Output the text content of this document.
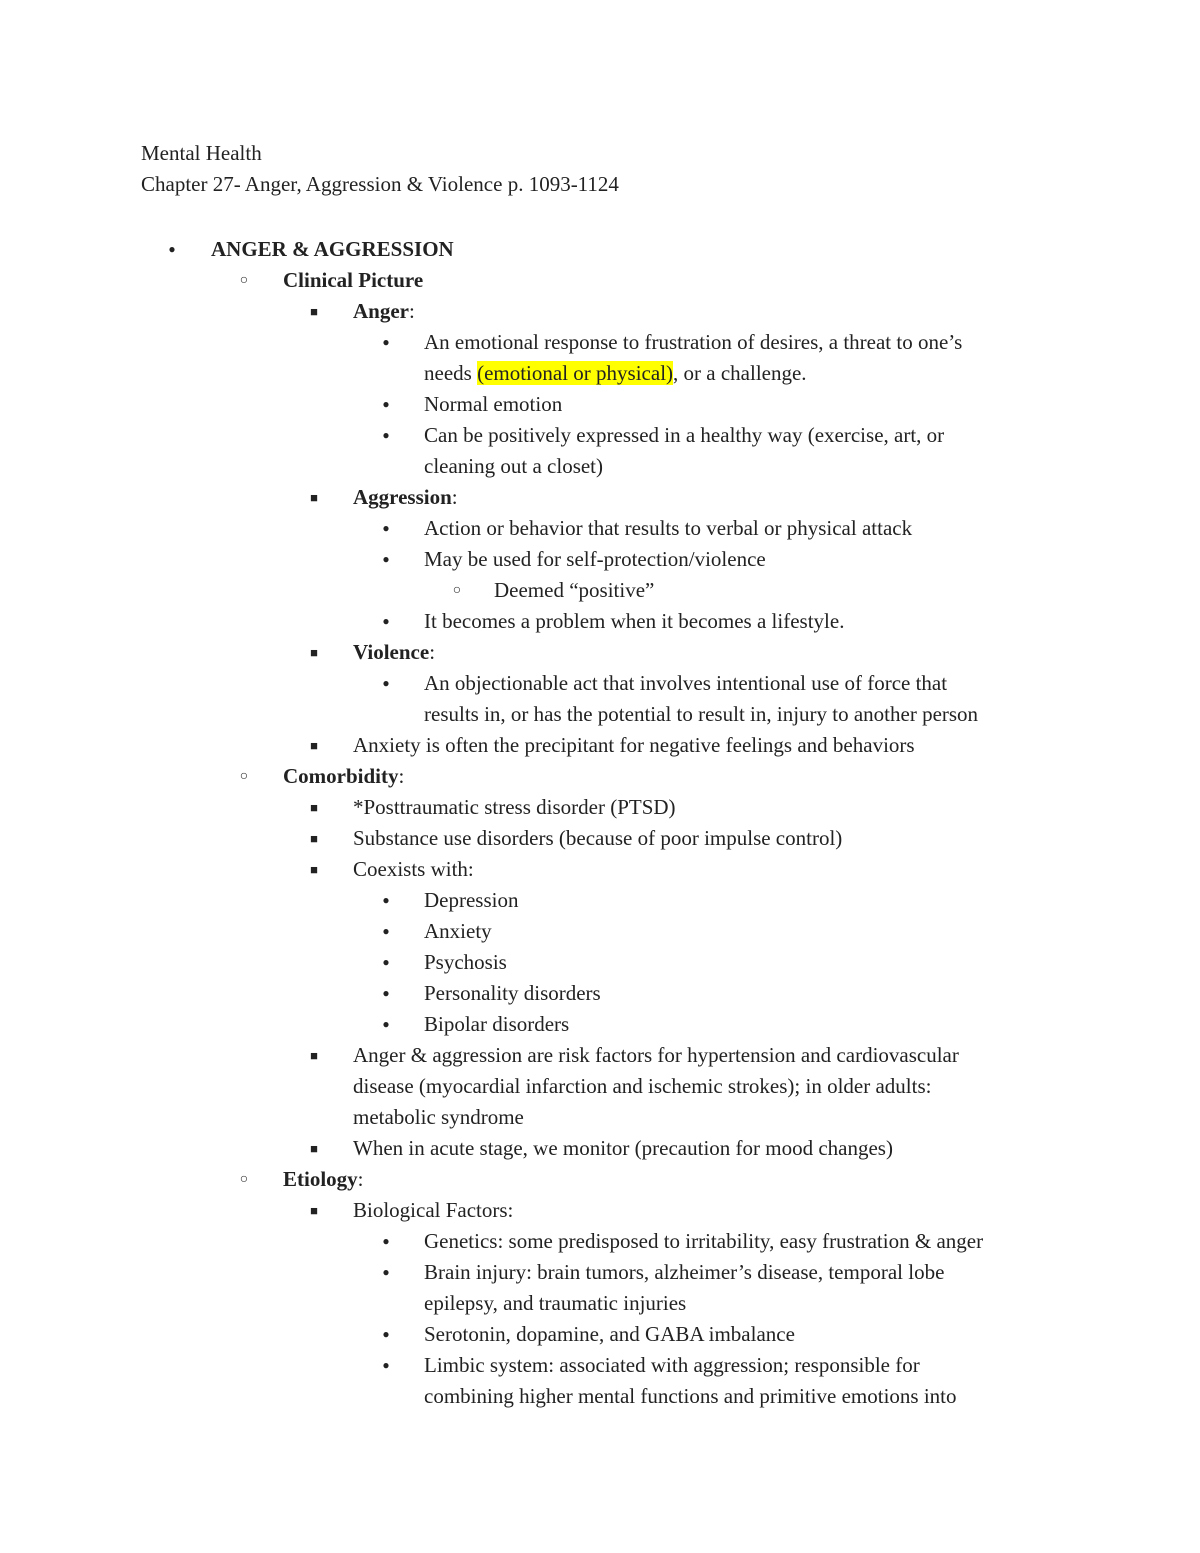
Mental Health
Chapter 27- Anger, Aggression & Violence p. 1093-1124
●
ANGER & AGGRESSION
○
Clinical Picture
■
Anger:
●
An emotional response to frustration of desires, a threat to one’s
needs (emotional or physical), or a challenge.
●
Normal emotion
●
Can be positively expressed in a healthy way (exercise, art, or
cleaning out a closet)
■
Aggression:
●
Action or behavior that results to verbal or physical attack
●
May be used for self-protection/violence
○
Deemed “positive”
●
It becomes a problem when it becomes a lifestyle.
■
Violence:
●
An objectionable act that involves intentional use of force that
results in, or has the potential to result in, injury to another person
■
Anxiety is often the precipitant for negative feelings and behaviors
○
Comorbidity:
■
*Posttraumatic stress disorder (PTSD)
■
Substance use disorders (because of poor impulse control)
■
Coexists with:
●
Depression
●
Anxiety
●
Psychosis
●
Personality disorders
●
Bipolar disorders
■
Anger & aggression are risk factors for hypertension and cardiovascular
disease (myocardial infarction and ischemic strokes); in older adults:
metabolic syndrome
■
When in acute stage, we monitor (precaution for mood changes)
○
Etiology:
■
Biological Factors:
●
Genetics: some predisposed to irritability, easy frustration & anger
●
Brain injury: brain tumors, alzheimer’s disease, temporal lobe
epilepsy, and traumatic injuries
●
Serotonin, dopamine, and GABA imbalance
●
Limbic system: associated with aggression; responsible for
combining higher mental functions and primitive emotions into
